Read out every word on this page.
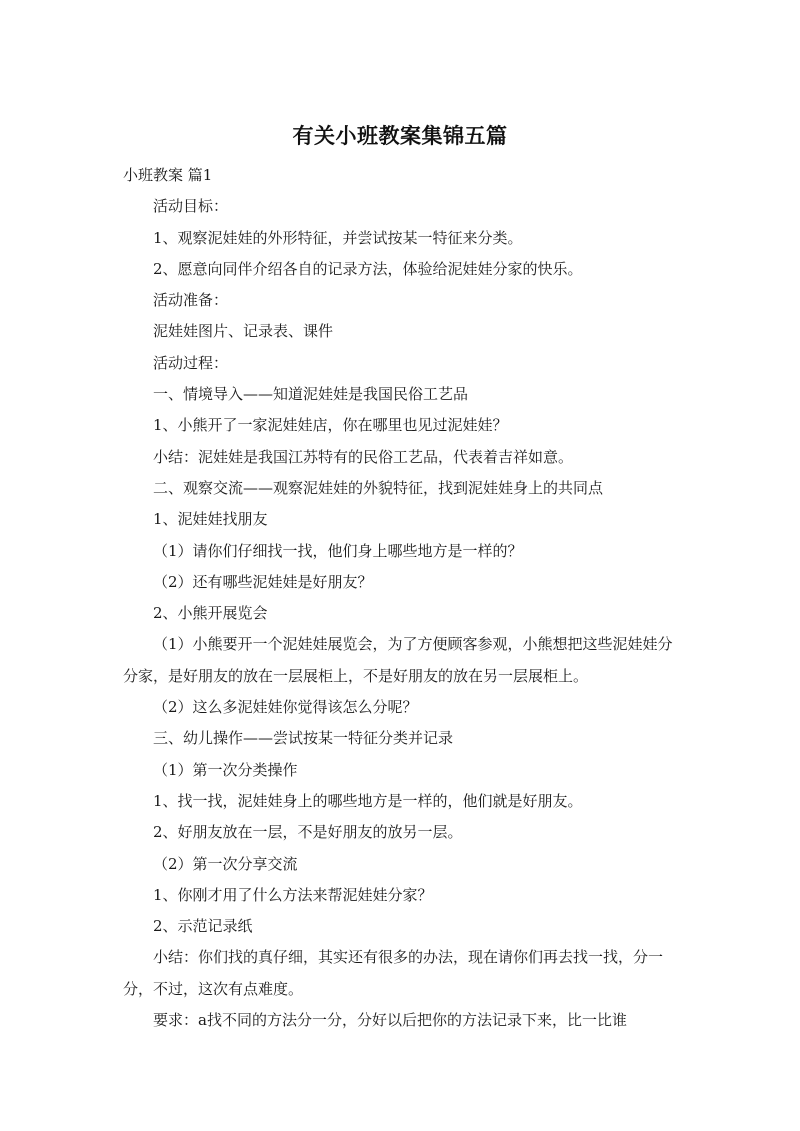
有关小班教案集锦五篇

小班教案 篇1

活动目标：

1、观察泥娃娃的外形特征，并尝试按某一特征来分类。

2、愿意向同伴介绍各自的记录方法，体验给泥娃娃分家的快乐。

活动准备：

泥娃娃图片、记录表、课件

活动过程：

一、情境导入——知道泥娃娃是我国民俗工艺品

1、小熊开了一家泥娃娃店，你在哪里也见过泥娃娃？

小结：泥娃娃是我国江苏特有的民俗工艺品，代表着吉祥如意。

二、观察交流——观察泥娃娃的外貌特征，找到泥娃娃身上的共同点

1、泥娃娃找朋友

（1）请你们仔细找一找，他们身上哪些地方是一样的？

（2）还有哪些泥娃娃是好朋友？

2、小熊开展览会

（1）小熊要开一个泥娃娃展览会，为了方便顾客参观，小熊想把这些泥娃娃分分家，是好朋友的放在一层展柜上，不是好朋友的放在另一层展柜上。

（2）这么多泥娃娃你觉得该怎么分呢？

三、幼儿操作——尝试按某一特征分类并记录

（1）第一次分类操作

1、找一找，泥娃娃身上的哪些地方是一样的，他们就是好朋友。

2、好朋友放在一层，不是好朋友的放另一层。

（2）第一次分享交流

1、你刚才用了什么方法来帮泥娃娃分家？

2、示范记录纸

小结：你们找的真仔细，其实还有很多的办法，现在请你们再去找一找，分一分，不过，这次有点难度。

要求：a找不同的方法分一分，分好以后把你的方法记录下来，比一比谁
